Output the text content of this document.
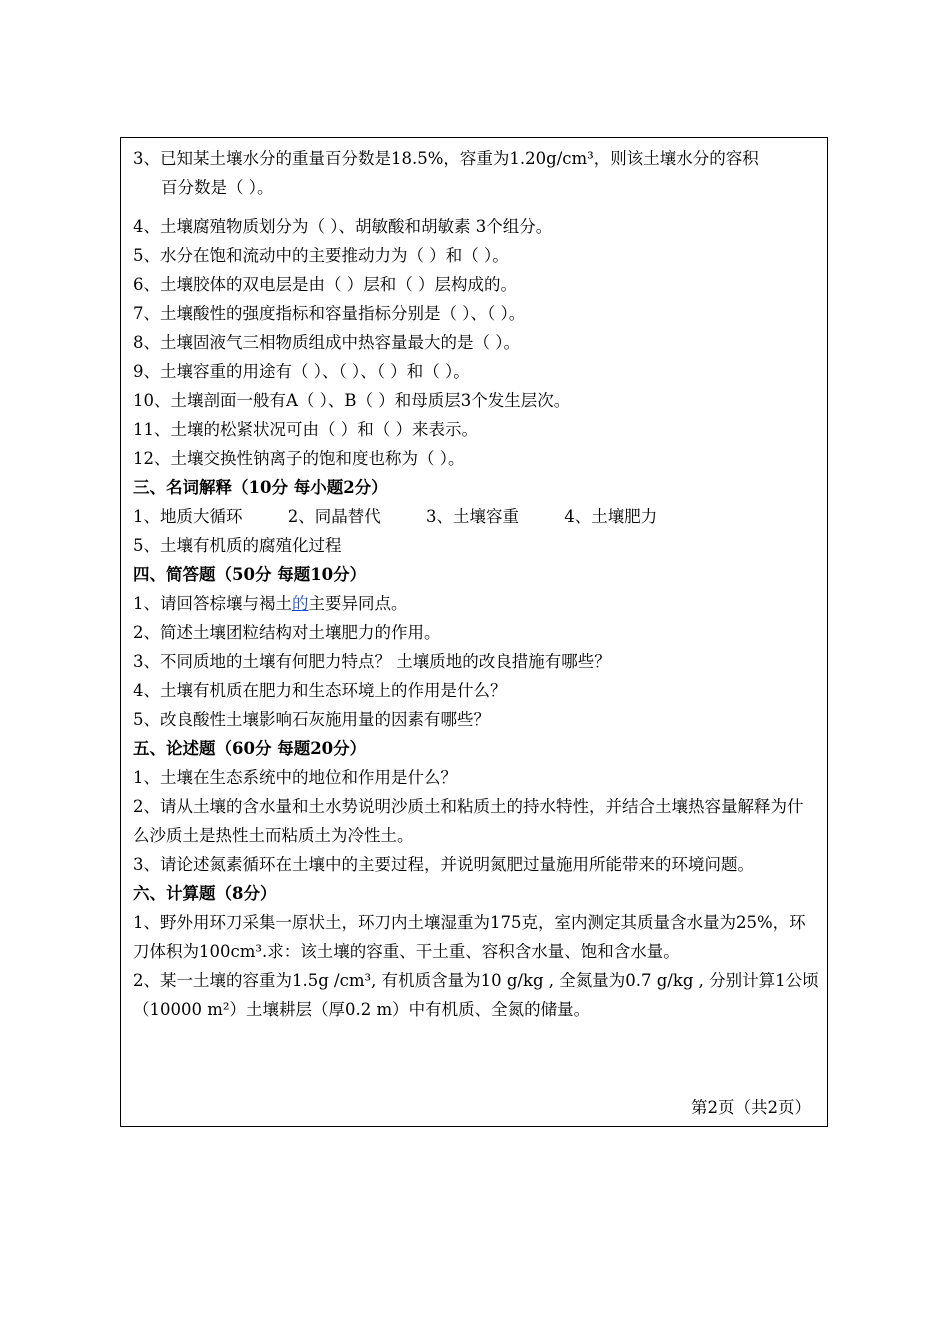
3、已知某土壤水分的重量百分数是18.5%，容重为1.20g/cm³，则该土壤水分的容积
百分数是（ ）。
4、土壤腐殖物质划分为（ ）、胡敏酸和胡敏素 3个组分。
5、水分在饱和流动中的主要推动力为（ ）和（ ）。
6、土壤胶体的双电层是由（ ）层和（ ）层构成的。
7、土壤酸性的强度指标和容量指标分别是（ ）、（ ）。
8、土壤固液气三相物质组成中热容量最大的是（ ）。
9、土壤容重的用途有（ ）、（ ）、（ ）和（ ）。
10、土壤剖面一般有A（ ）、B（ ）和母质层3个发生层次。
11、土壤的松紧状况可由（ ）和（ ）来表示。
12、土壤交换性钠离子的饱和度也称为（ ）。
三、名词解释（10分 每小题2分）
1、地质大循环	2、同晶替代	3、土壤容重	4、土壤肥力
5、土壤有机质的腐殖化过程
四、简答题（50分 每题10分）
1、请回答棕壤与褐土的主要异同点。
2、简述土壤团粒结构对土壤肥力的作用。
3、不同质地的土壤有何肥力特点？ 土壤质地的改良措施有哪些？
4、土壤有机质在肥力和生态环境上的作用是什么？
5、改良酸性土壤影响石灰施用量的因素有哪些？
五、论述题（60分 每题20分）
1、土壤在生态系统中的地位和作用是什么？
2、请从土壤的含水量和土水势说明沙质土和粘质土的持水特性，并结合土壤热容量解释为什么沙质土是热性土而粘质土为冷性土。
3、请论述氮素循环在土壤中的主要过程，并说明氮肥过量施用所能带来的环境问题。
六、计算题（8分）
1、野外用环刀采集一原状土，环刀内土壤湿重为175克，室内测定其质量含水量为25%，环刀体积为100cm³.求：该土壤的容重、干土重、容积含水量、饱和含水量。
2、某一土壤的容重为1.5g /cm³, 有机质含量为10 g/kg , 全氮量为0.7 g/kg , 分别计算1公顷（10000 m²）土壤耕层（厚0.2 m）中有机质、全氮的储量。
第2页（共2页）
